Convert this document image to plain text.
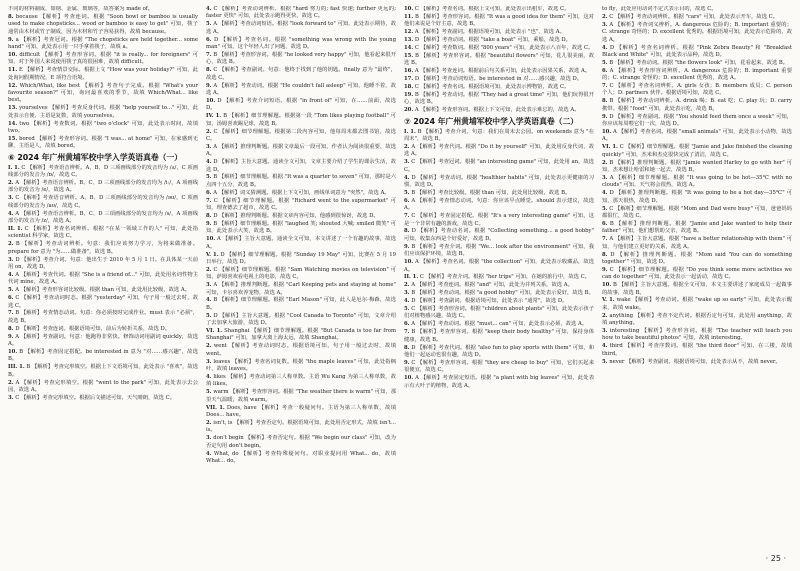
不同的材料制成，如钢、金属、玻璃等，故答案为 made of。
8. because 【解析】考查连词。根据 "Soon bowl or bamboo is usually used to make chopsticks... wood or bamboo is easy to get" 可知，筷子通常由木材或竹子制成，因为木材和竹子容易获得，故填 because。
9. a 【解析】考查冠词。根据 "The chopsticks are held together... some hand" 可知，此处表示用一只手拿着筷子，故填 a。
10. difficult 【解析】考查形容词。根据 "it is really... for foreigners" 可知，对于外国人来说使用筷子真的很困难，故填 difficult。
11. E 【解析】考查情景交际。根据上文 "How was your holiday?" 可知，此处询问假期情况，E 项符合语境。
12. Which/What, like best 【解析】考查句子完成。根据 "What's your favourite season?" 可知，询问最喜欢的季节，故填 Which/What... like best。
13. yourselves 【解析】考查反身代词。根据 "help yourself to..." 可知，此处表示自便，主语是复数，故填 yourselves。
14. two 【解析】考查数词。根据 "two o'clock" 可知，此处表示时间，故填 two。
15. bored 【解析】考查形容词。根据 "I was... at home" 可知，在家感到无聊，主语是人，故填 bored。
⑥ 2024 年广州黄埔军校中学入学英语真卷（一）
I. 1. C 【解析】考查语音辨析。A、B、D 三项画线部分的发音均为 /ʌ/，C 项画线部分的发音为 /ɒ/，故选 C。
2. A 【解析】考查语音辨析。B、C、D 三项画线部分的发音均为 /iː/，A 项画线部分的发音为 /e/，故选 A。
3. C 【解析】考查语音辨析。A、B、D 三项画线部分的发音均为 /əʊ/，C 项画线部分的发音为 /aʊ/，故选 C。
4. A 【解析】考查语音辨析。B、C、D 三项画线部分的发音均为 /s/，A 项画线部分的发音为 /z/，故选 A。
II. 1. C 【解析】考查名词辨析。根据 "在某一领域工作的人" 可知，此处指 scientist 科学家，故选 C。
2. B 【解析】考查动词辨析。句意：我们应该努力学习，为将来做准备。prepare for 意为 "为……做准备"，故选 B。
3. D 【解析】考查介词。句意：他出生于 2010 年 5 月 1 日。在具体某一天前用 on，故选 D。
4. A 【解析】考查代词。根据 "She is a friend of..." 可知，此处用名词性物主代词 mine，故选 A。
5. A 【解析】考查形容词比较级。根据 than 可知，此处用比较级，故选 A。
6. C 【解析】考查动词时态。根据 "yesterday" 可知，句子用一般过去时，故选 C。
7. B 【解析】考查情态动词。句意：你必须按时完成作业。must 表示 "必须"，故选 B。
8. D 【解析】考查连词。根据语境可知，前后为转折关系，故选 D。
9. A 【解析】考查副词。句意：他跑得非常快。修饰动词用副词 quickly，故选 A。
10. B 【解析】考查固定搭配。be interested in 意为 "对……感兴趣"，故选 B。
III. 1. B 【解析】考查完形填空。根据上下文语境可知，此处表示 "喜欢"，故选 B。
2. A 【解析】考查完形填空。根据 "went to the park" 可知，此处表示去公园，故选 A。
3. C 【解析】考查完形填空。根据后文描述可知，天气晴朗，故选 C。
4. C 【解析】考查动词辨析。根据 "hard 努力的; fast 快速; further 更远的; faster 更快" 可知，此处表示跑得更快，故选 C。
5. A 【解析】考查动词短语。根据 "look forward to" 可知，此处表示期待，故选 A。
6. D 【解析】考查名词。根据 "something was wrong with the young man" 可知，这个年轻人出了问题，故选 D。
7. B 【解析】考查形容词。根据 "he looked very happy" 可知，他看起来很开心，故选 B。
8. C 【解析】考查副词。句意：他终于找到了他的钥匙。finally 意为 "最终"，故选 C。
9. A 【解析】考查动词。根据 "He couldn't fall asleep" 可知，他睡不着，故选 A。
10. D 【解析】考查介词短语。根据 "in front of" 可知，在……前面，故选 D。
IV. 1. B 【解析】细节理解题。根据第一段 "Tom likes playing football" 可知，汤姆喜欢踢足球，故选 B。
2. C 【解析】细节理解题。根据第二段内容可知，他每周末都去图书馆，故选 C。
3. A 【解析】推理判断题。根据文章最后一段可知，作者认为阅读很重要，故选 A。
4. D 【解析】主旨大意题。通读全文可知，文章主要介绍了学生的课余生活，故选 D。
5. B 【解析】细节理解题。根据 "It was a quarter to seven" 可知，那时是六点四十五分，故选 B。
6. A 【解析】词义猜测题。根据上下文可知，画线单词意为 "突然"，故选 A。
7. C 【解析】细节理解题。根据 "Richard went to the supermarket" 可知，理查德去了超市，故选 C。
8. D 【解析】推理判断题。根据文章内容可知，他感到很惊讶，故选 D。
9. B 【解析】细节理解题。根据 "laughed 笑; shouted 大喊; smiled 微笑" 可知，此处表示大笑，故选 B。
10. A 【解析】主旨大意题。通读全文可知，本文讲述了一个有趣的故事，故选 A。
V. 1. D 【解析】细节理解题。根据 "Sunday 19 May" 可知，比赛在 5 月 19 日举行，故选 D。
2. C 【解析】细节理解题。根据 "Sam Watching movies on television" 可知，萨姆喜欢看电视上的电影，故选 C。
3. A 【解析】推理判断题。根据 "Carl Keeping pets and staying at home" 可知，卡尔喜欢养宠物，故选 A。
4. B 【解析】细节理解题。根据 "Earl Mason" 可知，此人是厄尔·梅森，故选 B。
5. D 【解析】主旨大意题。根据 "Cool Canada to Toronto" 可知，文章介绍了去加拿大旅游，故选 D。
VI. 1. Shanghai 【解析】细节理解题。根据 "But Canada is too far from Shanghai" 可知，加拿大离上海太远，故填 Shanghai。
2. went 【解析】考查动词时态。根据语境可知，句子用一般过去时，故填 went。
3. leaves 【解析】考查名词复数。根据 "the maple leaves" 可知，此处指枫叶，故填 leaves。
4. likes 【解析】考查动词第三人称单数。主语 Wu Kang 为第三人称单数，故填 likes。
5. warm 【解析】考查形容词。根据 "The weather there is warm" 可知，那里天气温暖，故填 warm。
VII. 1. Does, have 【解析】考查一般疑问句。主语为第三人称单数，故填 Does... have。
2. isn't, is 【解析】考查否定句。根据语境可知，此处用否定形式，故填 isn't... is。
3. don't begin 【解析】考查否定句。根据 "We begin our class" 可知，改为否定句用 don't begin。
4. What, do 【解析】考查特殊疑问句。对职业提问用 What... do，故填 What... do。
10. C 【解析】考查名词。根据上文可知，此处表示出租车，故选 C。
11. B 【解析】考查形容词。根据 "It was a good idea for them" 可知，这对他们来说是个好主意，故选 B。
12. A 【解析】考查副词。根据语境可知，此处表示 "也"，故选 A。
13. D 【解析】考查动词。根据 "take a boat" 可知，乘船，故选 D。
14. C 【解析】考查数词。根据 "800 years" 可知，此处表示八百年，故选 C。
15. B 【解析】考查形容词。根据 "beautiful flowers" 可知，花儿很美丽，故选 B。
16. A 【解析】考查连词。根据前后句关系可知，此处表示因果关系，故选 A。
17. D 【解析】考查动词短语。be interested in 对……感兴趣，故选 D。
18. C 【解析】考查名词。根据语境可知，此处表示博物馆，故选 C。
19. B 【解析】考查动词。根据 "They had a great time" 可知，他们玩得很开心，故选 B。
20. A 【解析】考查形容词。根据上下文可知，此处表示难忘的，故选 A。
⑦ 2024 年广州黄埔军校中学入学英语真卷（二）
I. 1. B 【解析】考查介词。句意：我们在周末去公园。on weekends 意为 "在周末"，故选 B。
2. A 【解析】考查代词。根据 "Do it by yourself" 可知，此处用反身代词，故选 A。
3. C 【解析】考查冠词。根据 "an interesting game" 可知，此处用 an，故选 C。
4. D 【解析】考查动词。根据 "healthier habits" 可知，此处表示更健康的习惯，故选 D。
5. B 【解析】考查比较级。根据 than 可知，此处用比较级，故选 B。
6. A 【解析】考查情态动词。句意：你应该早点睡觉。should 表示建议，故选 A。
7. C 【解析】考查固定搭配。根据 "It's a very interesting game" 可知，这是一个非常有趣的游戏，故选 C。
8. D 【解析】考查动名词。根据 "Collecting something... a good hobby" 可知，收集东西是个好爱好，故选 D。
9. B 【解析】考查介词。根据 "We... look after the environment" 可知，我们应该保护环境，故选 B。
10. A 【解析】考查名词。根据 "the collection" 可知，此处表示收藏品，故选 A。
II. 1. C 【解析】考查介词。根据 "her trips" 可知，在她的旅行中，故选 C。
2. A 【解析】考查连词。根据 "and" 可知，此处为并列关系，故选 A。
3. B 【解析】考查动词。根据 "a good hobby" 可知，此处表示爱好，故选 B。
4. D 【解析】考查副词。根据语境可知，此处表示 "通常"，故选 D。
5. C 【解析】考查形容词。根据 "children about plants" 可知，此处表示孩子们对植物感兴趣，故选 C。
6. A 【解析】考查动词。根据 "must... can" 可知，此处表示必须，故选 A。
7. B 【解析】考查形容词。根据 "keep their body healthy" 可知，保持身体健康，故选 B。
8. D 【解析】考查代词。根据 "also fun to play sports with them" 可知，和他们一起运动也很有趣，故选 D。
9. C 【解析】考查形容词。根据 "they are cheap to buy" 可知，它们买起来很便宜，故选 C。
10. A 【解析】考查固定短语。根据 "a plant with big leaves" 可知，此处表示有大叶子的植物，故选 A。
to fly，此处应用动词不定式表示目的，故选 C。
2. C 【解析】考查动词辨析。根据 "cars" 可知，此处表示开车，故选 C。
3. A 【解析】考查词义辨析。A. dangerous 危险的；B. important 重要的；C. strange 奇怪的；D. excellent 优秀的。根据语境可知，此处表示危险的，故选 A。
4. D 【解析】考查名词辨析。根据 "Pink Zebra Beauty" 和 "Breakfast Black and White" 可知，此处表示品种，故选 D。
5. B 【解析】考查动词。根据 "the flowers look" 可知，花看起来，故选 B。
6. A 【解析】考查形容词辨析。A. dangerous 危险的；B. important 重要的；C. strange 奇怪的；D. excellent 优秀的，故选 A。
7. C 【解析】考查名词辨析。A. girls 女孩；B. members 成员；C. person 个人；D. partners 伙伴。根据语境可知，故选 C。
8. B 【解析】考查动词辨析。A. drink 喝；B. eat 吃；C. play 玩；D. carry 携带。根据 "food" 可知，此处表示吃，故选 B。
9. D 【解析】考查副词。根据 "You should feed them once a week" 可知，你应该每周喂它们一次，故选 D。
10. A 【解析】考查名词。根据 "small animals" 可知，此处表示小动物，故选 A。
VI. 1. C 【解析】细节理解题。根据 "Jamie and Jake finished the cleaning quickly" 可知，杰米和杰克很快完成了清洁，故选 C。
2. B 【解析】推理判断题。根据 "Jamie wanted Harley to go with her" 可知，杰米想让哈雷和她一起去，故选 B。
3. A 【解析】细节理解题。根据 "It was going to be hot—35℃ with no clouds" 可知，天气将会很热，故选 A。
4. D 【解析】推理判断题。根据 "It was going to be a hot day—35℃" 可知，那天很热，故选 D。
5. C 【解析】细节理解题。根据 "Mom and Dad were busy" 可知，爸爸妈妈都很忙，故选 C。
6. B 【解析】推理判断题。根据 "Jamie and Jake wanted to help their father" 可知，他们想帮助父亲，故选 B。
7. A 【解析】主旨大意题。根据 "have a better relationship with them" 可知，与他们建立更好的关系，故选 A。
8. D 【解析】推理判断题。根据 "Mom said 'You can do something together'" 可知，故选 D。
9. C 【解析】细节理解题。根据 "Do you think some more activities we can do together" 可知，此处表示一起活动，故选 C。
10. B 【解析】主旨大意题。根据全文可知，本文主要讲述了家庭成员一起做事的故事，故选 B。
V. 1. wake 【解析】考查动词。根据 "wake up so early" 可知，此处表示醒来，故填 wake。
2. anything 【解析】考查不定代词。根据否定句可知，此处用 anything，故填 anything。
3. interesting 【解析】考查形容词。根据 "The teacher will teach you how to take beautiful photos" 可知，故填 interesting。
4. third 【解析】考查序数词。根据 "the third floor" 可知，在三楼，故填 third。
5. never 【解析】考查副词。根据语境可知，此处表示从不，故填 never。
· 25 ·
